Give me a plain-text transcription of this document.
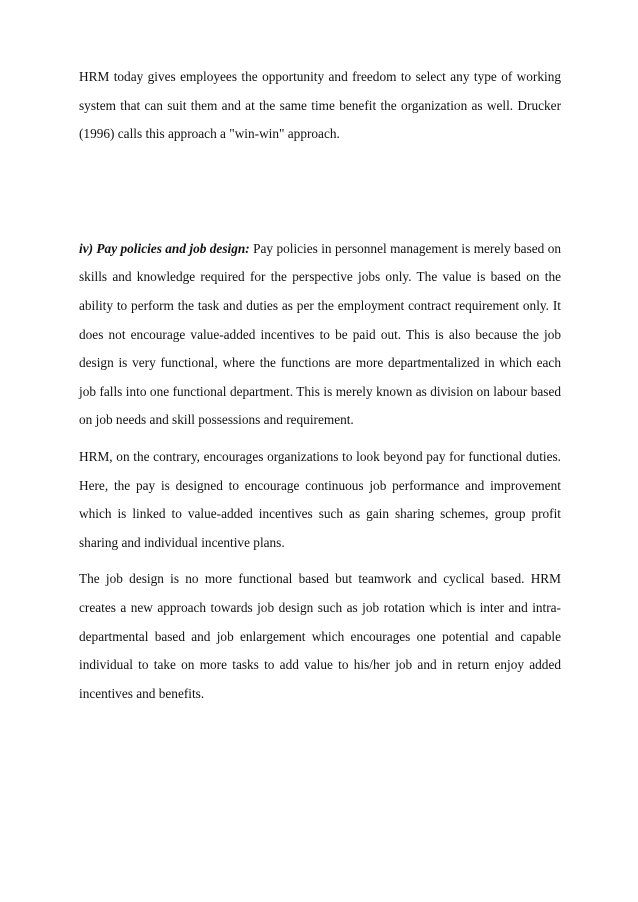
HRM today gives employees the opportunity and freedom to select any type of working system that can suit them and at the same time benefit the organization as well. Drucker (1996) calls this approach a "win-win" approach.

iv) Pay policies and job design: Pay policies in personnel management is merely based on skills and knowledge required for the perspective jobs only. The value is based on the ability to perform the task and duties as per the employment contract requirement only. It does not encourage value-added incentives to be paid out. This is also because the job design is very functional, where the functions are more departmentalized in which each job falls into one functional department. This is merely known as division on labour based on job needs and skill possessions and requirement.

HRM, on the contrary, encourages organizations to look beyond pay for functional duties. Here, the pay is designed to encourage continuous job performance and improvement which is linked to value-added incentives such as gain sharing schemes, group profit sharing and individual incentive plans.

The job design is no more functional based but teamwork and cyclical based. HRM creates a new approach towards job design such as job rotation which is inter and intra-departmental based and job enlargement which encourages one potential and capable individual to take on more tasks to add value to his/her job and in return enjoy added incentives and benefits.
